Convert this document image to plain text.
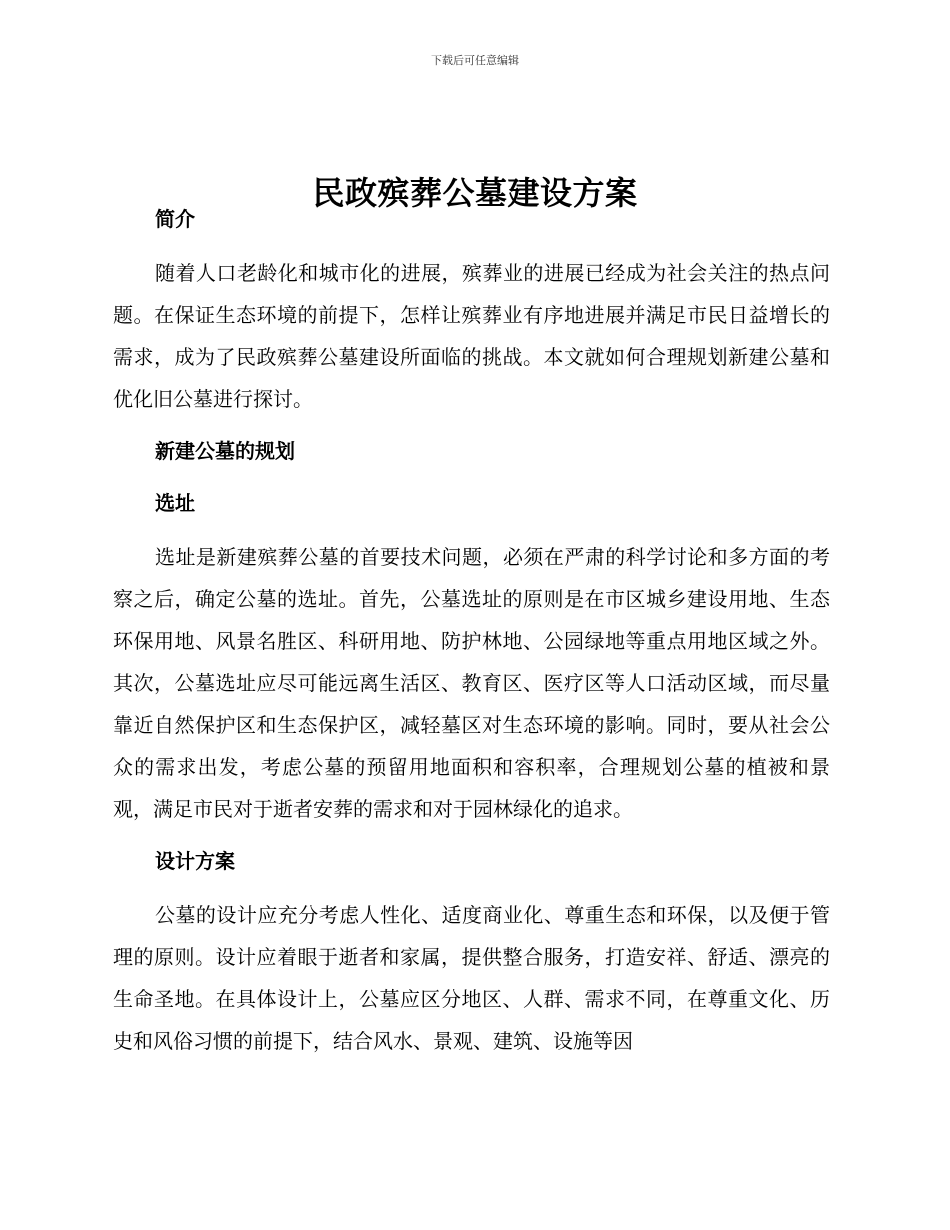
下载后可任意编辑
民政殡葬公墓建设方案
简介

随着人口老龄化和城市化的进展，殡葬业的进展已经成为社会关注的热点问题。在保证生态环境的前提下，怎样让殡葬业有序地进展并满足市民日益增长的需求，成为了民政殡葬公墓建设所面临的挑战。本文就如何合理规划新建公墓和优化旧公墓进行探讨。

新建公墓的规划
选址

选址是新建殡葬公墓的首要技术问题，必须在严肃的科学讨论和多方面的考察之后，确定公墓的选址。首先，公墓选址的原则是在市区城乡建设用地、生态环保用地、风景名胜区、科研用地、防护林地、公园绿地等重点用地区域之外。其次，公墓选址应尽可能远离生活区、教育区、医疗区等人口活动区域，而尽量靠近自然保护区和生态保护区，减轻墓区对生态环境的影响。同时，要从社会公众的需求出发，考虑公墓的预留用地面积和容积率，合理规划公墓的植被和景观，满足市民对于逝者安葬的需求和对于园林绿化的追求。

设计方案

公墓的设计应充分考虑人性化、适度商业化、尊重生态和环保，以及便于管理的原则。设计应着眼于逝者和家属，提供整合服务，打造安祥、舒适、漂亮的生命圣地。在具体设计上，公墓应区分地区、人群、需求不同，在尊重文化、历史和风俗习惯的前提下，结合风水、景观、建筑、设施等因
